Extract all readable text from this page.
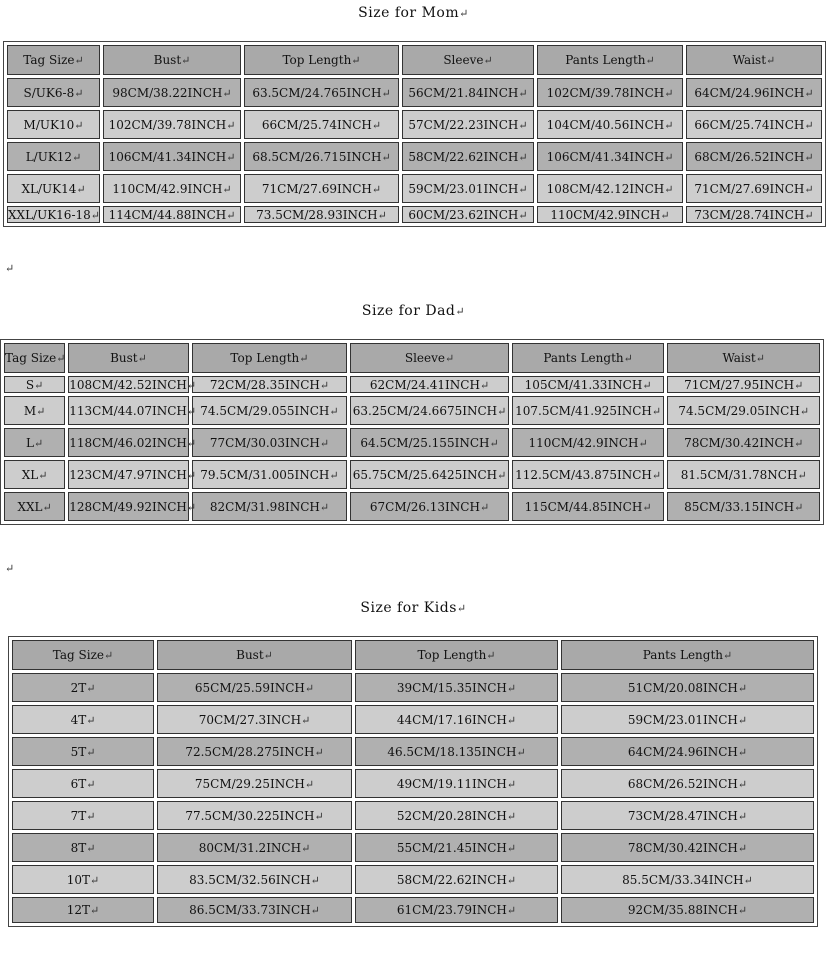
Size for Mom↵
Tag Size↵	Bust↵	Top Length↵	Sleeve↵	Pants Length↵	Waist↵
S/UK6-8↵	98CM/38.22INCH↵	63.5CM/24.765INCH↵	56CM/21.84INCH↵	102CM/39.78INCH↵	64CM/24.96INCH↵
M/UK10↵	102CM/39.78INCH↵	66CM/25.74INCH↵	57CM/22.23INCH↵	104CM/40.56INCH↵	66CM/25.74INCH↵
L/UK12↵	106CM/41.34INCH↵	68.5CM/26.715INCH↵	58CM/22.62INCH↵	106CM/41.34INCH↵	68CM/26.52INCH↵
XL/UK14↵	110CM/42.9INCH↵	71CM/27.69INCH↵	59CM/23.01INCH↵	108CM/42.12INCH↵	71CM/27.69INCH↵
XXL/UK16-18↵	114CM/44.88INCH↵	73.5CM/28.93INCH↵	60CM/23.62INCH↵	110CM/42.9INCH↵	73CM/28.74INCH↵
↵
Size for Dad↵
Tag Size↵	Bust↵	Top Length↵	Sleeve↵	Pants Length↵	Waist↵
S↵	108CM/42.52INCH↵	72CM/28.35INCH↵	62CM/24.41INCH↵	105CM/41.33INCH↵	71CM/27.95INCH↵
M↵	113CM/44.07INCH↵	74.5CM/29.055INCH↵	63.25CM/24.6675INCH↵	107.5CM/41.925INCH↵	74.5CM/29.05INCH↵
L↵	118CM/46.02INCH↵	77CM/30.03INCH↵	64.5CM/25.155INCH↵	110CM/42.9INCH↵	78CM/30.42INCH↵
XL↵	123CM/47.97INCH↵	79.5CM/31.005INCH↵	65.75CM/25.6425INCH↵	112.5CM/43.875INCH↵	81.5CM/31.78NCH↵
XXL↵	128CM/49.92INCH↵	82CM/31.98INCH↵	67CM/26.13INCH↵	115CM/44.85INCH↵	85CM/33.15INCH↵
↵
Size for Kids↵
Tag Size↵	Bust↵	Top Length↵	Pants Length↵
2T↵	65CM/25.59INCH↵	39CM/15.35INCH↵	51CM/20.08INCH↵
4T↵	70CM/27.3INCH↵	44CM/17.16INCH↵	59CM/23.01INCH↵
5T↵	72.5CM/28.275INCH↵	46.5CM/18.135INCH↵	64CM/24.96INCH↵
6T↵	75CM/29.25INCH↵	49CM/19.11INCH↵	68CM/26.52INCH↵
7T↵	77.5CM/30.225INCH↵	52CM/20.28INCH↵	73CM/28.47INCH↵
8T↵	80CM/31.2INCH↵	55CM/21.45INCH↵	78CM/30.42INCH↵
10T↵	83.5CM/32.56INCH↵	58CM/22.62INCH↵	85.5CM/33.34INCH↵
12T↵	86.5CM/33.73INCH↵	61CM/23.79INCH↵	92CM/35.88INCH↵
